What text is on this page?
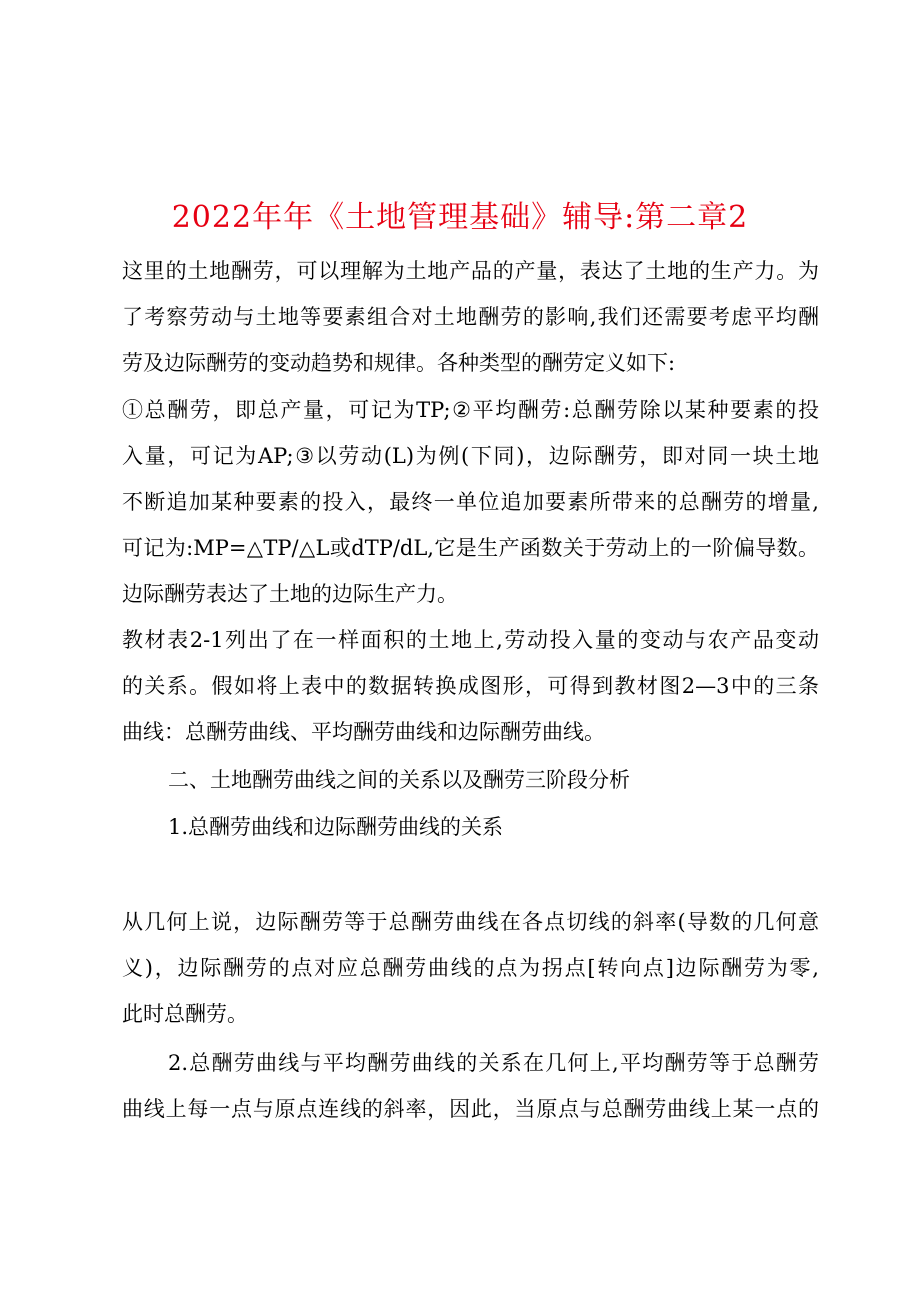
2022年年《土地管理基础》辅导:第二章2
这里的土地酬劳，可以理解为土地产品的产量，表达了土地的生产力。为
了考察劳动与土地等要素组合对土地酬劳的影响,我们还需要考虑平均酬
劳及边际酬劳的变动趋势和规律。各种类型的酬劳定义如下:
①总酬劳，即总产量，可记为TP;②平均酬劳:总酬劳除以某种要素的投
入量，可记为AP;③以劳动(L)为例(下同)，边际酬劳，即对同一块土地
不断追加某种要素的投入，最终一单位追加要素所带来的总酬劳的增量,
可记为:MP=△TP/△L或dTP/dL,它是生产函数关于劳动上的一阶偏导数。
边际酬劳表达了土地的边际生产力。
教材表2-1列出了在一样面积的土地上,劳动投入量的变动与农产品变动
的关系。假如将上表中的数据转换成图形，可得到教材图2—3中的三条
曲线：总酬劳曲线、平均酬劳曲线和边际酬劳曲线。
二、土地酬劳曲线之间的关系以及酬劳三阶段分析
1.总酬劳曲线和边际酬劳曲线的关系
从几何上说，边际酬劳等于总酬劳曲线在各点切线的斜率(导数的几何意
义)，边际酬劳的点对应总酬劳曲线的点为拐点[转向点]边际酬劳为零,
此时总酬劳。
2.总酬劳曲线与平均酬劳曲线的关系在几何上,平均酬劳等于总酬劳
曲线上每一点与原点连线的斜率，因此，当原点与总酬劳曲线上某一点的
